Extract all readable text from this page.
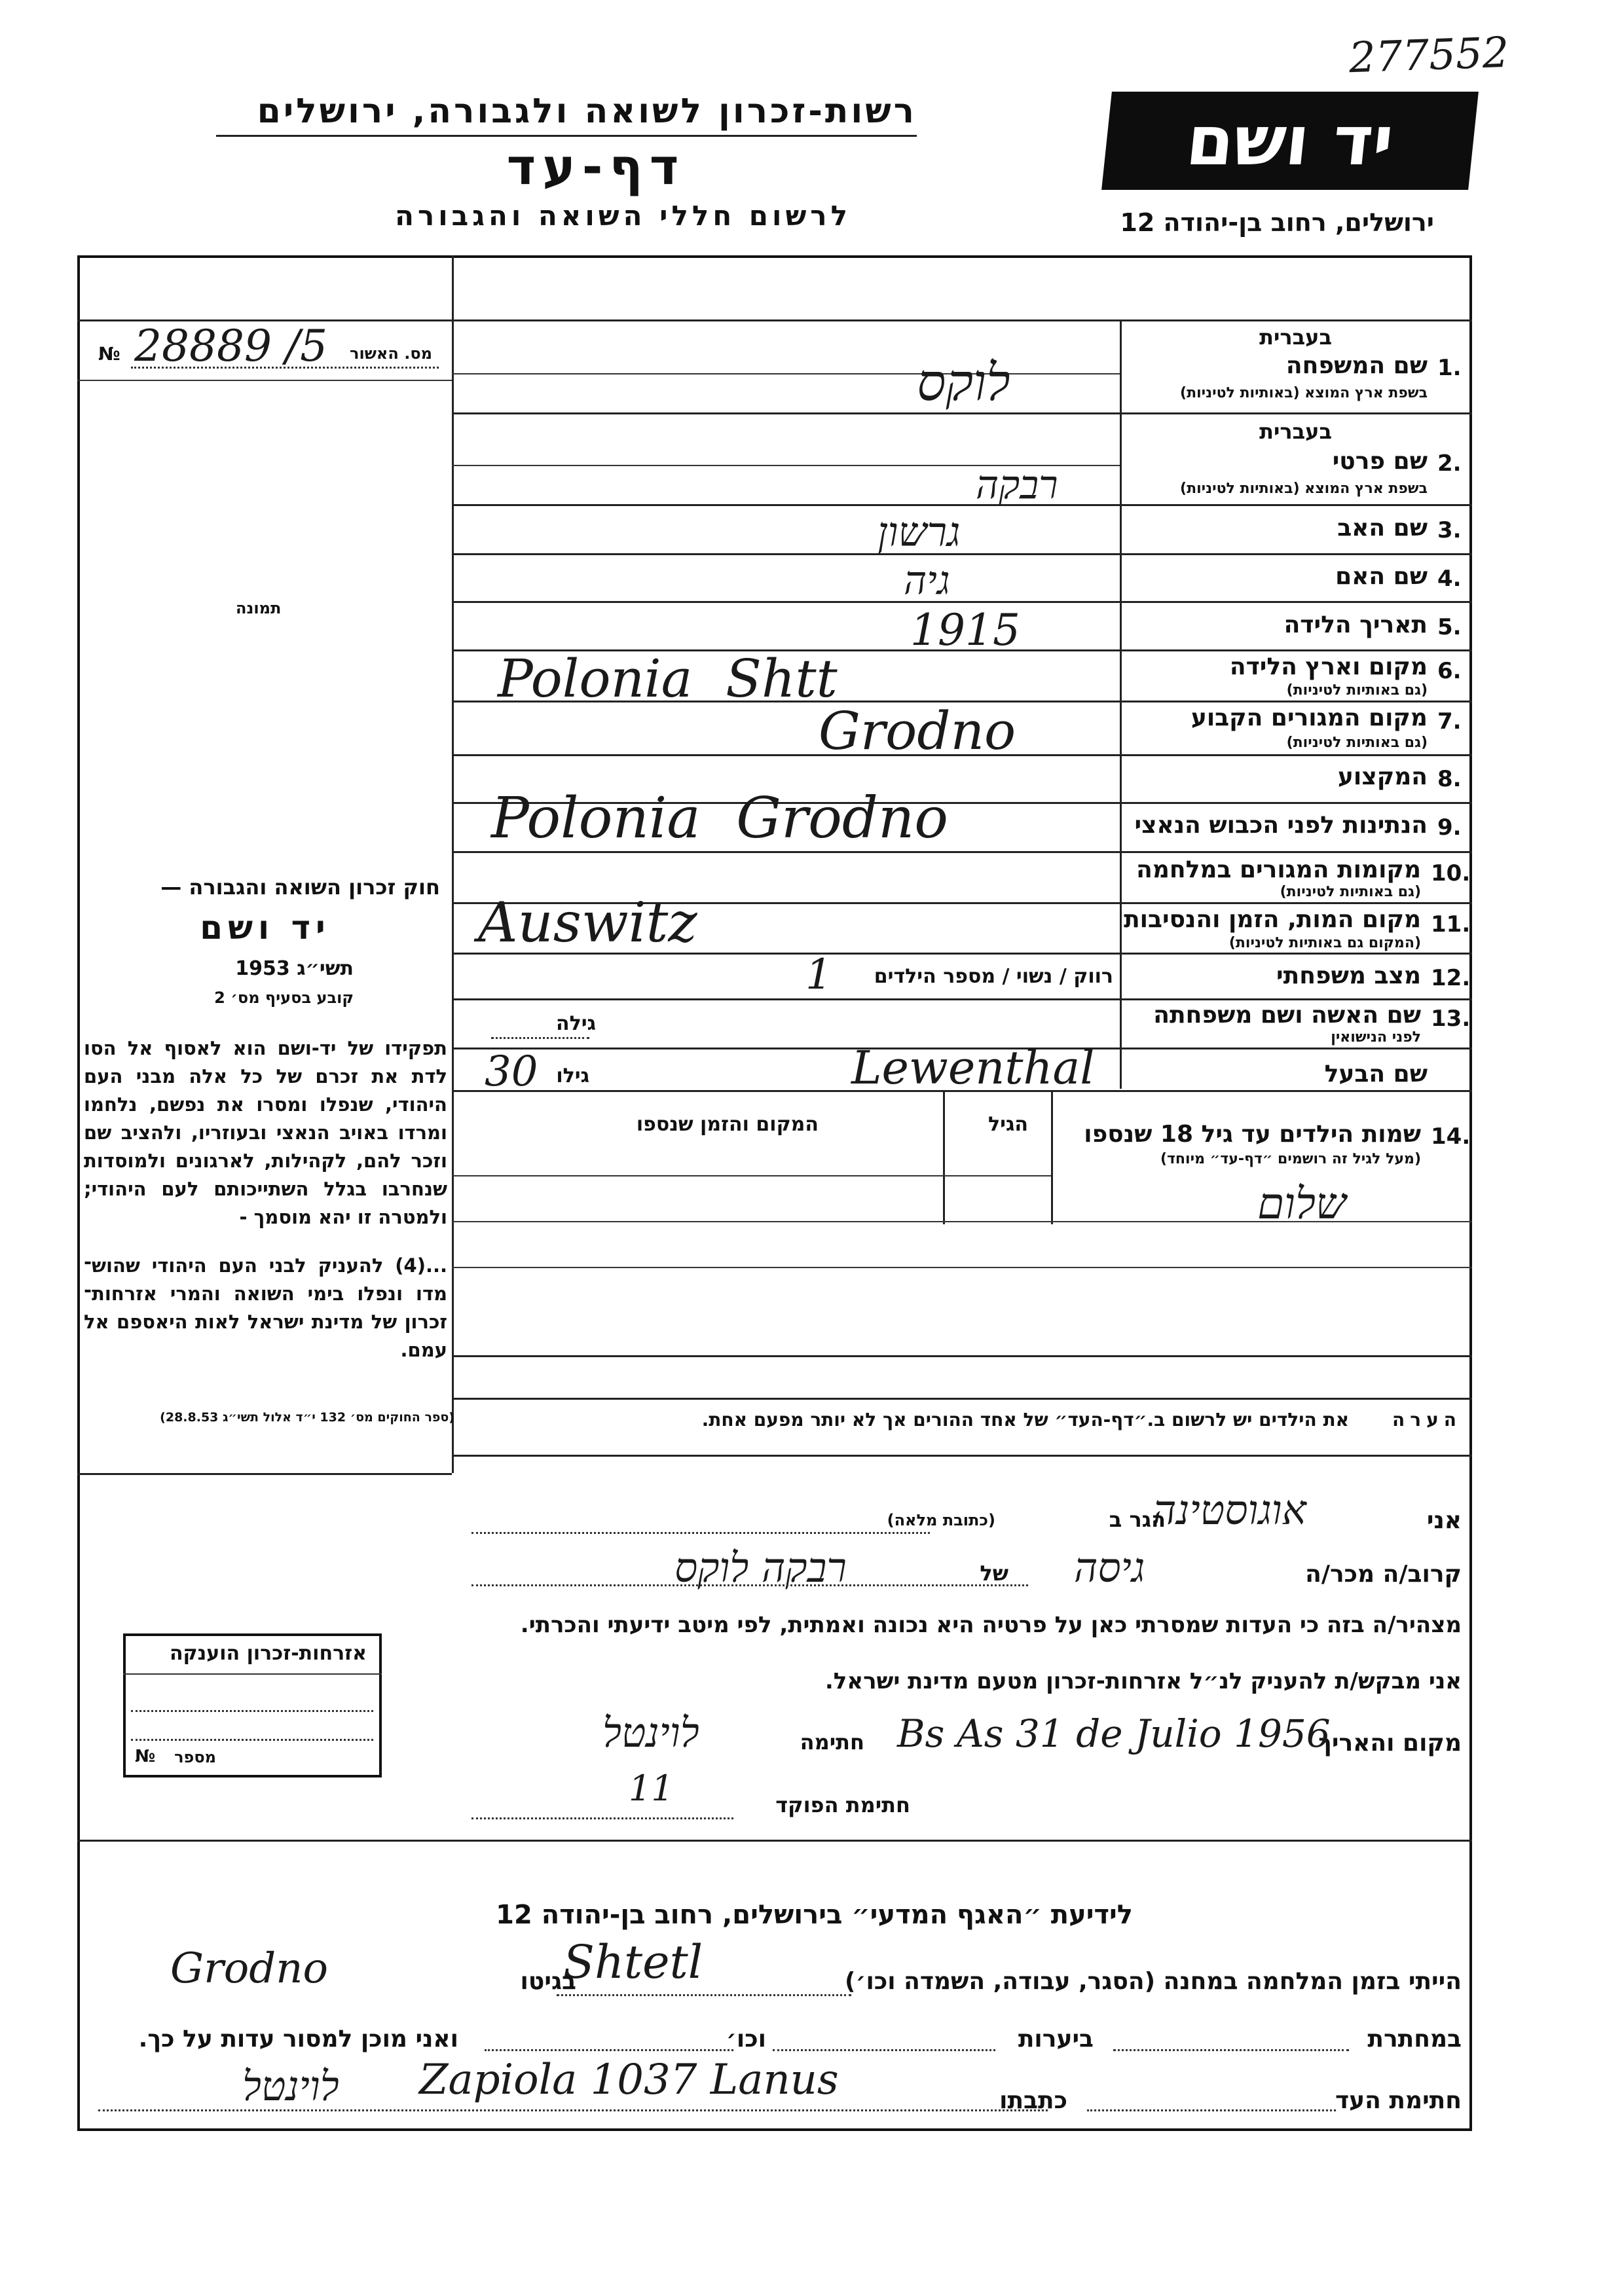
277552
יד ושם
רשות-זכרון לשואה ולגבורה, ירושלים
דף-עד
לרשום חללי השואה והגבורה	ירושלים, רחוב בן-יהודה 12
מס. האשור
№ 28889 /5
תמונה
בעברית
1.
שם המשפחה
בשפת ארץ המוצא (באותיות לטיניות)
לוקס
בעברית
2.
שם פרטי
בשפת ארץ המוצא (באותיות לטיניות)
רבקה
3.
שם האב
גרשון
4.
שם האם
גיה
5.
תאריך הלידה
1915
6.
מקום וארץ הלידה
(גם באותיות לטיניות)
Polonia  Shtt
7.
מקום המגורים הקבוע
(גם באותיות לטיניות)
Grodno
8.
המקצוע
9.
הנתינות לפני הכבוש הנאצי
Polonia  Grodno
10.
מקומות המגורים במלחמה
(גם באותיות לטיניות)
11.
מקום המות, הזמן והנסיבות
(המקום גם באותיות לטיניות)
Auswitz
12.
מצב משפחתי
רווק / נשוי / מספר הילדים
1
13.
שם האשה ושם משפחתה
לפני הנישואין
גילה
שם הבעל
Lewenthal
גילו
30
14.
שמות הילדים עד גיל 18 שנספו
(מעל לגיל זה רושמים ״דף-עד״ מיוחד)
הגיל
המקום והזמן שנספו
שלום
חוק זכרון השואה והגבורה —
יד ושם
תשי״ג 1953
קובע בסעיף מס׳ 2
תפקידו של יד-ושם הוא לאסוף אל הסו לדת את זכרם של כל אלה מבני העם היהודי, שנפלו ומסרו את נפשם, נלחמו ומרדו באויב הנאצי ובעוזריו, ולהציב שם וזכר להם, לקהילות, לארגונים ולמוסדות שנחרבו בגלל השתייכותם לעם היהודי; ולמטרה זו יהא מוסמך -
...(4) להעניק לבני העם היהודי שהוש־ מדו ונפלו בימי השואה והמרי אזרחות־ זכרון של מדינת ישראל לאות היאספם אל עמם.
(ספר החוקים מס׳ 132 י״ד אלול תשי״ג 28.8.53)	הערה
את הילדים יש לרשום ב.״דף-העד״ של אחד ההורים אך לא יותר מפעם אחת.
אני
אוגוסטינה
הגר ב
(כתובת מלאה)
קרוב/ה מכר/ה
גיסה
של
רבקה לוקס
מצהיר/ה בזה כי העדות שמסרתי כאן על פרטיה היא נכונה ואמתית, לפי מיטב ידיעתי והכרתי.
אני מבקש/ת להעניק לנ״ל אזרחות-זכרון מטעם מדינת ישראל.
מקום והאריך
Bs As 31 de Julio 1956
חתימה
לוינטל
חתימת הפוקד
11
אזרחות-זכרון הוענקה
מספר
№
לידיעת ״האגף המדעי״ בירושלים, רחוב בן-יהודה 12
הייתי בזמן המלחמה במחנה (הסגר, עבודה, השמדה וכו׳)
Shtetl
בגיטו
Grodno
במחתרת
ביערות
וכו׳
ואני מוכן למסור עדות על כך.
חתימת העד
כתבתו
Zapiola 1037 Lanus
לוינטל
